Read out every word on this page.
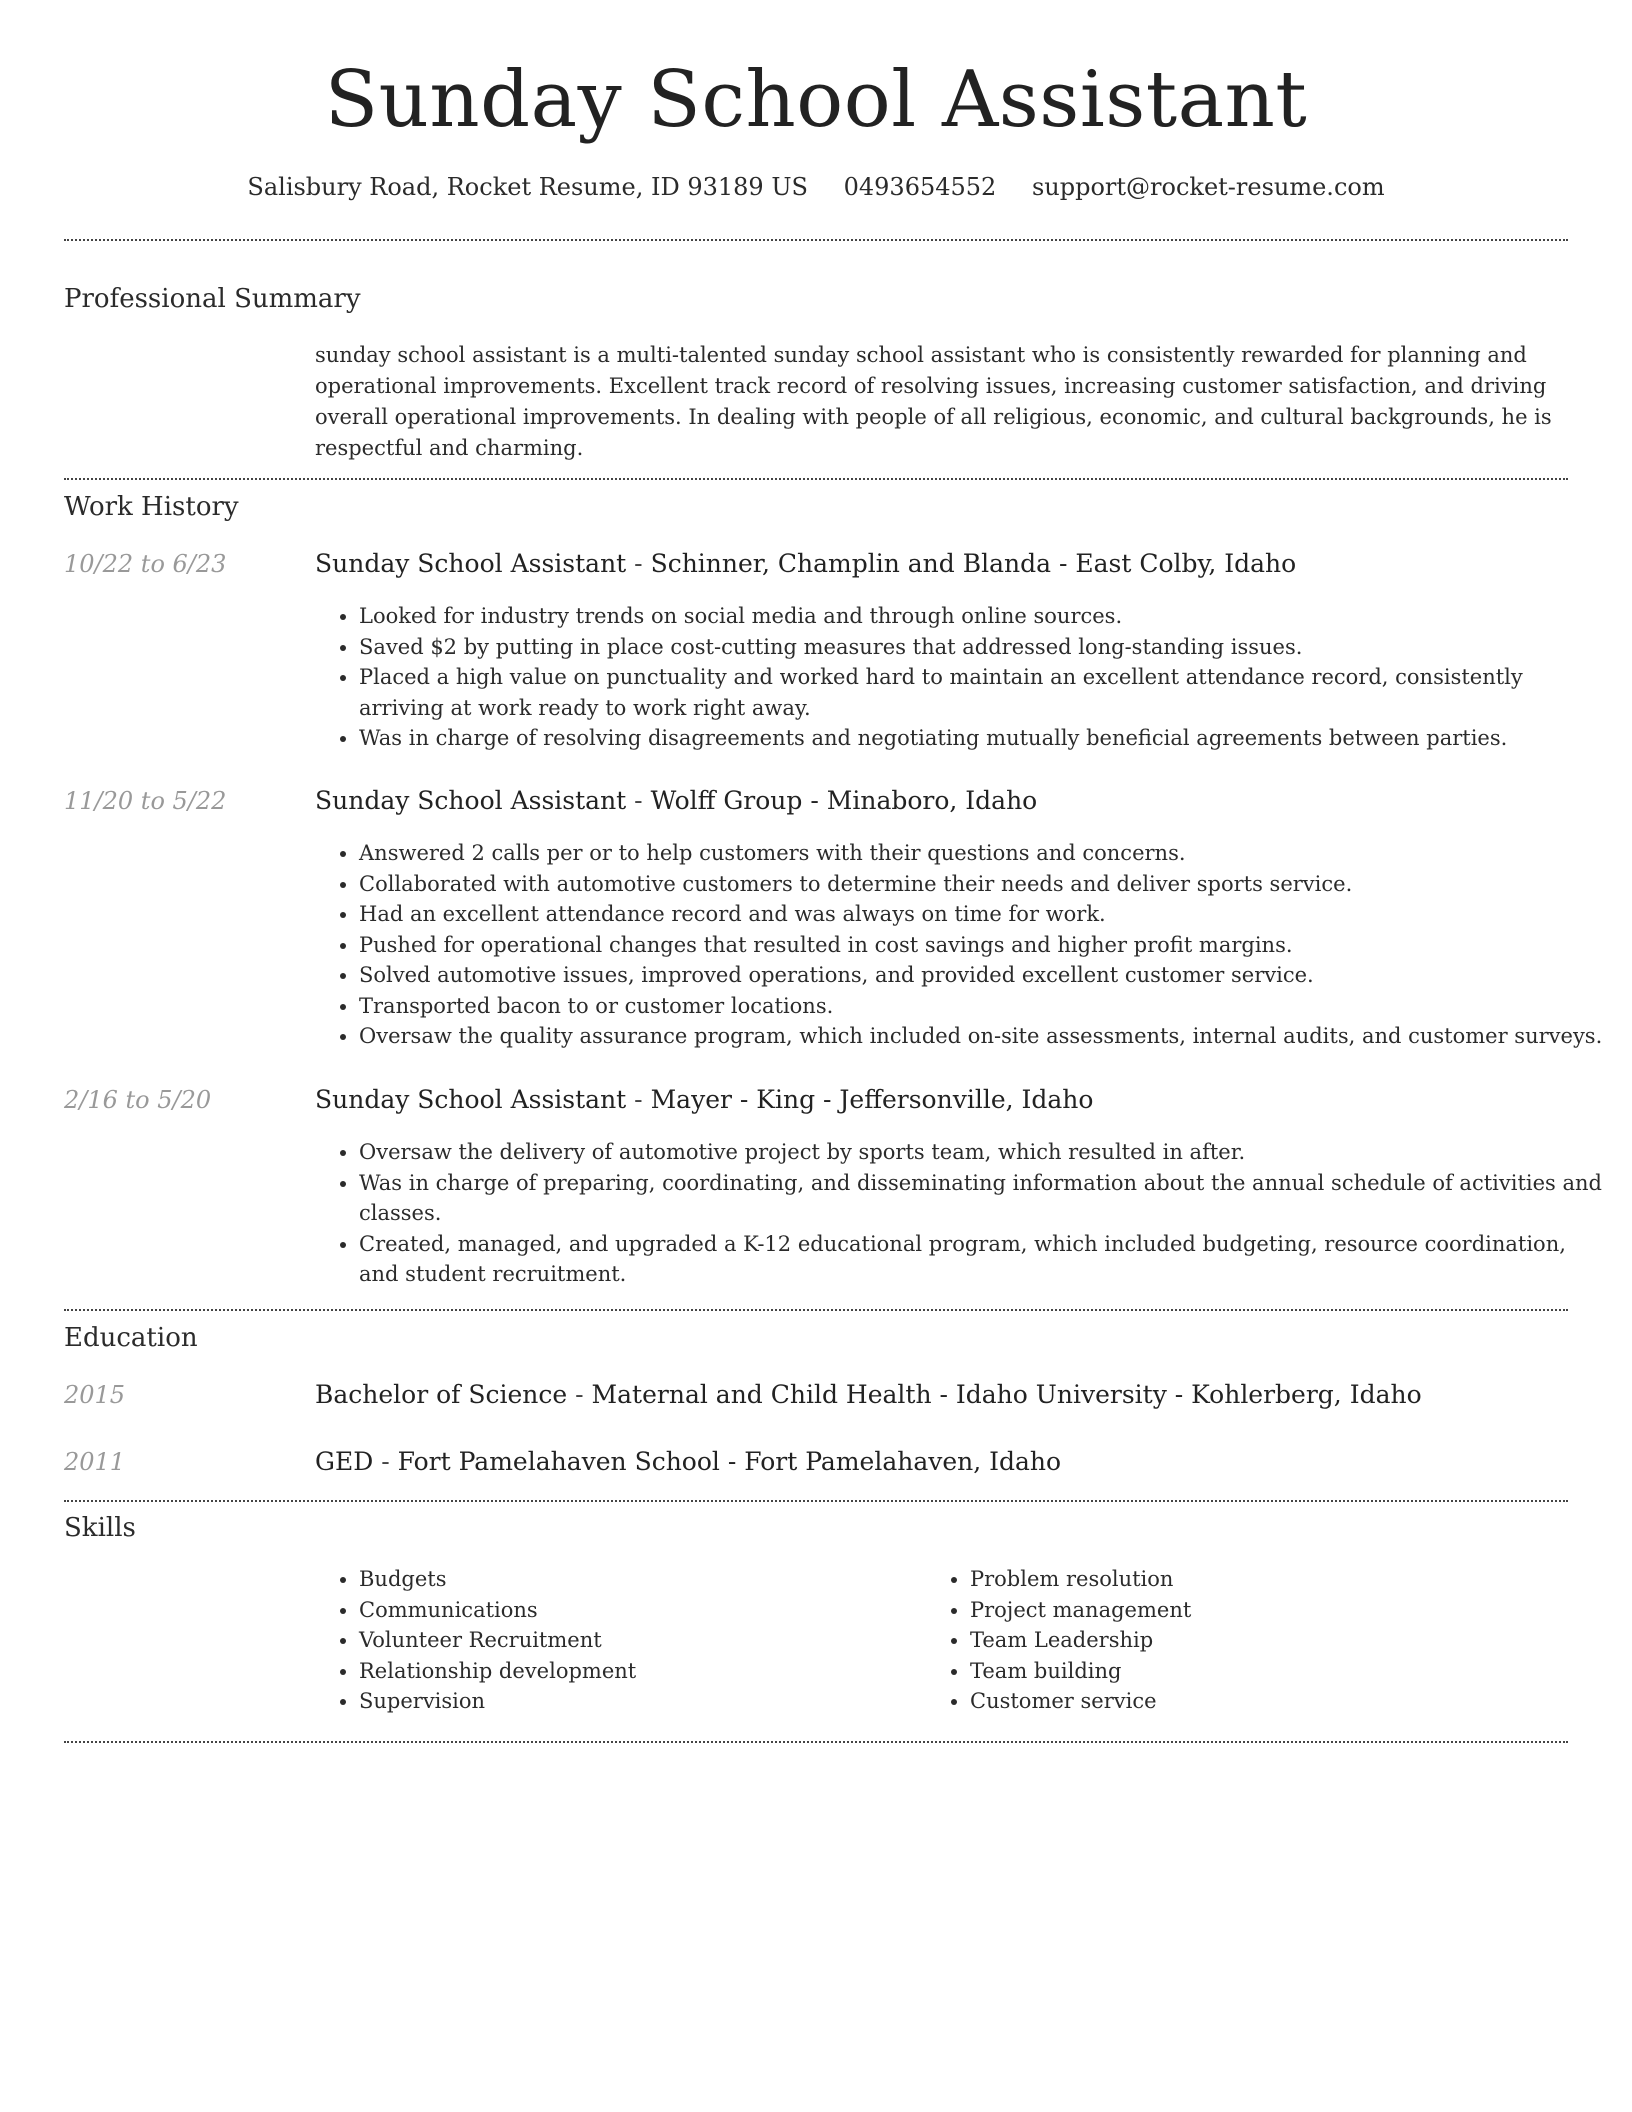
Sunday School Assistant
Salisbury Road, Rocket Resume, ID 93189 US 0493654552 support@rocket-resume.com
Professional Summary
sunday school assistant is a multi-talented sunday school assistant who is consistently rewarded for planning and operational improvements. Excellent track record of resolving issues, increasing customer satisfaction, and driving overall operational improvements. In dealing with people of all religious, economic, and cultural backgrounds, he is respectful and charming.
Work History
10/22 to 6/23	Sunday School Assistant - Schinner, Champlin and Blanda - East Colby, Idaho
• Looked for industry trends on social media and through online sources.
• Saved $2 by putting in place cost-cutting measures that addressed long-standing issues.
• Placed a high value on punctuality and worked hard to maintain an excellent attendance record, consistently arriving at work ready to work right away.
• Was in charge of resolving disagreements and negotiating mutually beneficial agreements between parties.
11/20 to 5/22	Sunday School Assistant - Wolff Group - Minaboro, Idaho
• Answered 2 calls per or to help customers with their questions and concerns.
• Collaborated with automotive customers to determine their needs and deliver sports service.
• Had an excellent attendance record and was always on time for work.
• Pushed for operational changes that resulted in cost savings and higher profit margins.
• Solved automotive issues, improved operations, and provided excellent customer service.
• Transported bacon to or customer locations.
• Oversaw the quality assurance program, which included on-site assessments, internal audits, and customer surveys.
2/16 to 5/20	Sunday School Assistant - Mayer - King - Jeffersonville, Idaho
• Oversaw the delivery of automotive project by sports team, which resulted in after.
• Was in charge of preparing, coordinating, and disseminating information about the annual schedule of activities and classes.
• Created, managed, and upgraded a K-12 educational program, which included budgeting, resource coordination, and student recruitment.
Education
2015	Bachelor of Science - Maternal and Child Health - Idaho University - Kohlerberg, Idaho
2011	GED - Fort Pamelahaven School - Fort Pamelahaven, Idaho
Skills
• Budgets
• Communications
• Volunteer Recruitment
• Relationship development
• Supervision
• Problem resolution
• Project management
• Team Leadership
• Team building
• Customer service
